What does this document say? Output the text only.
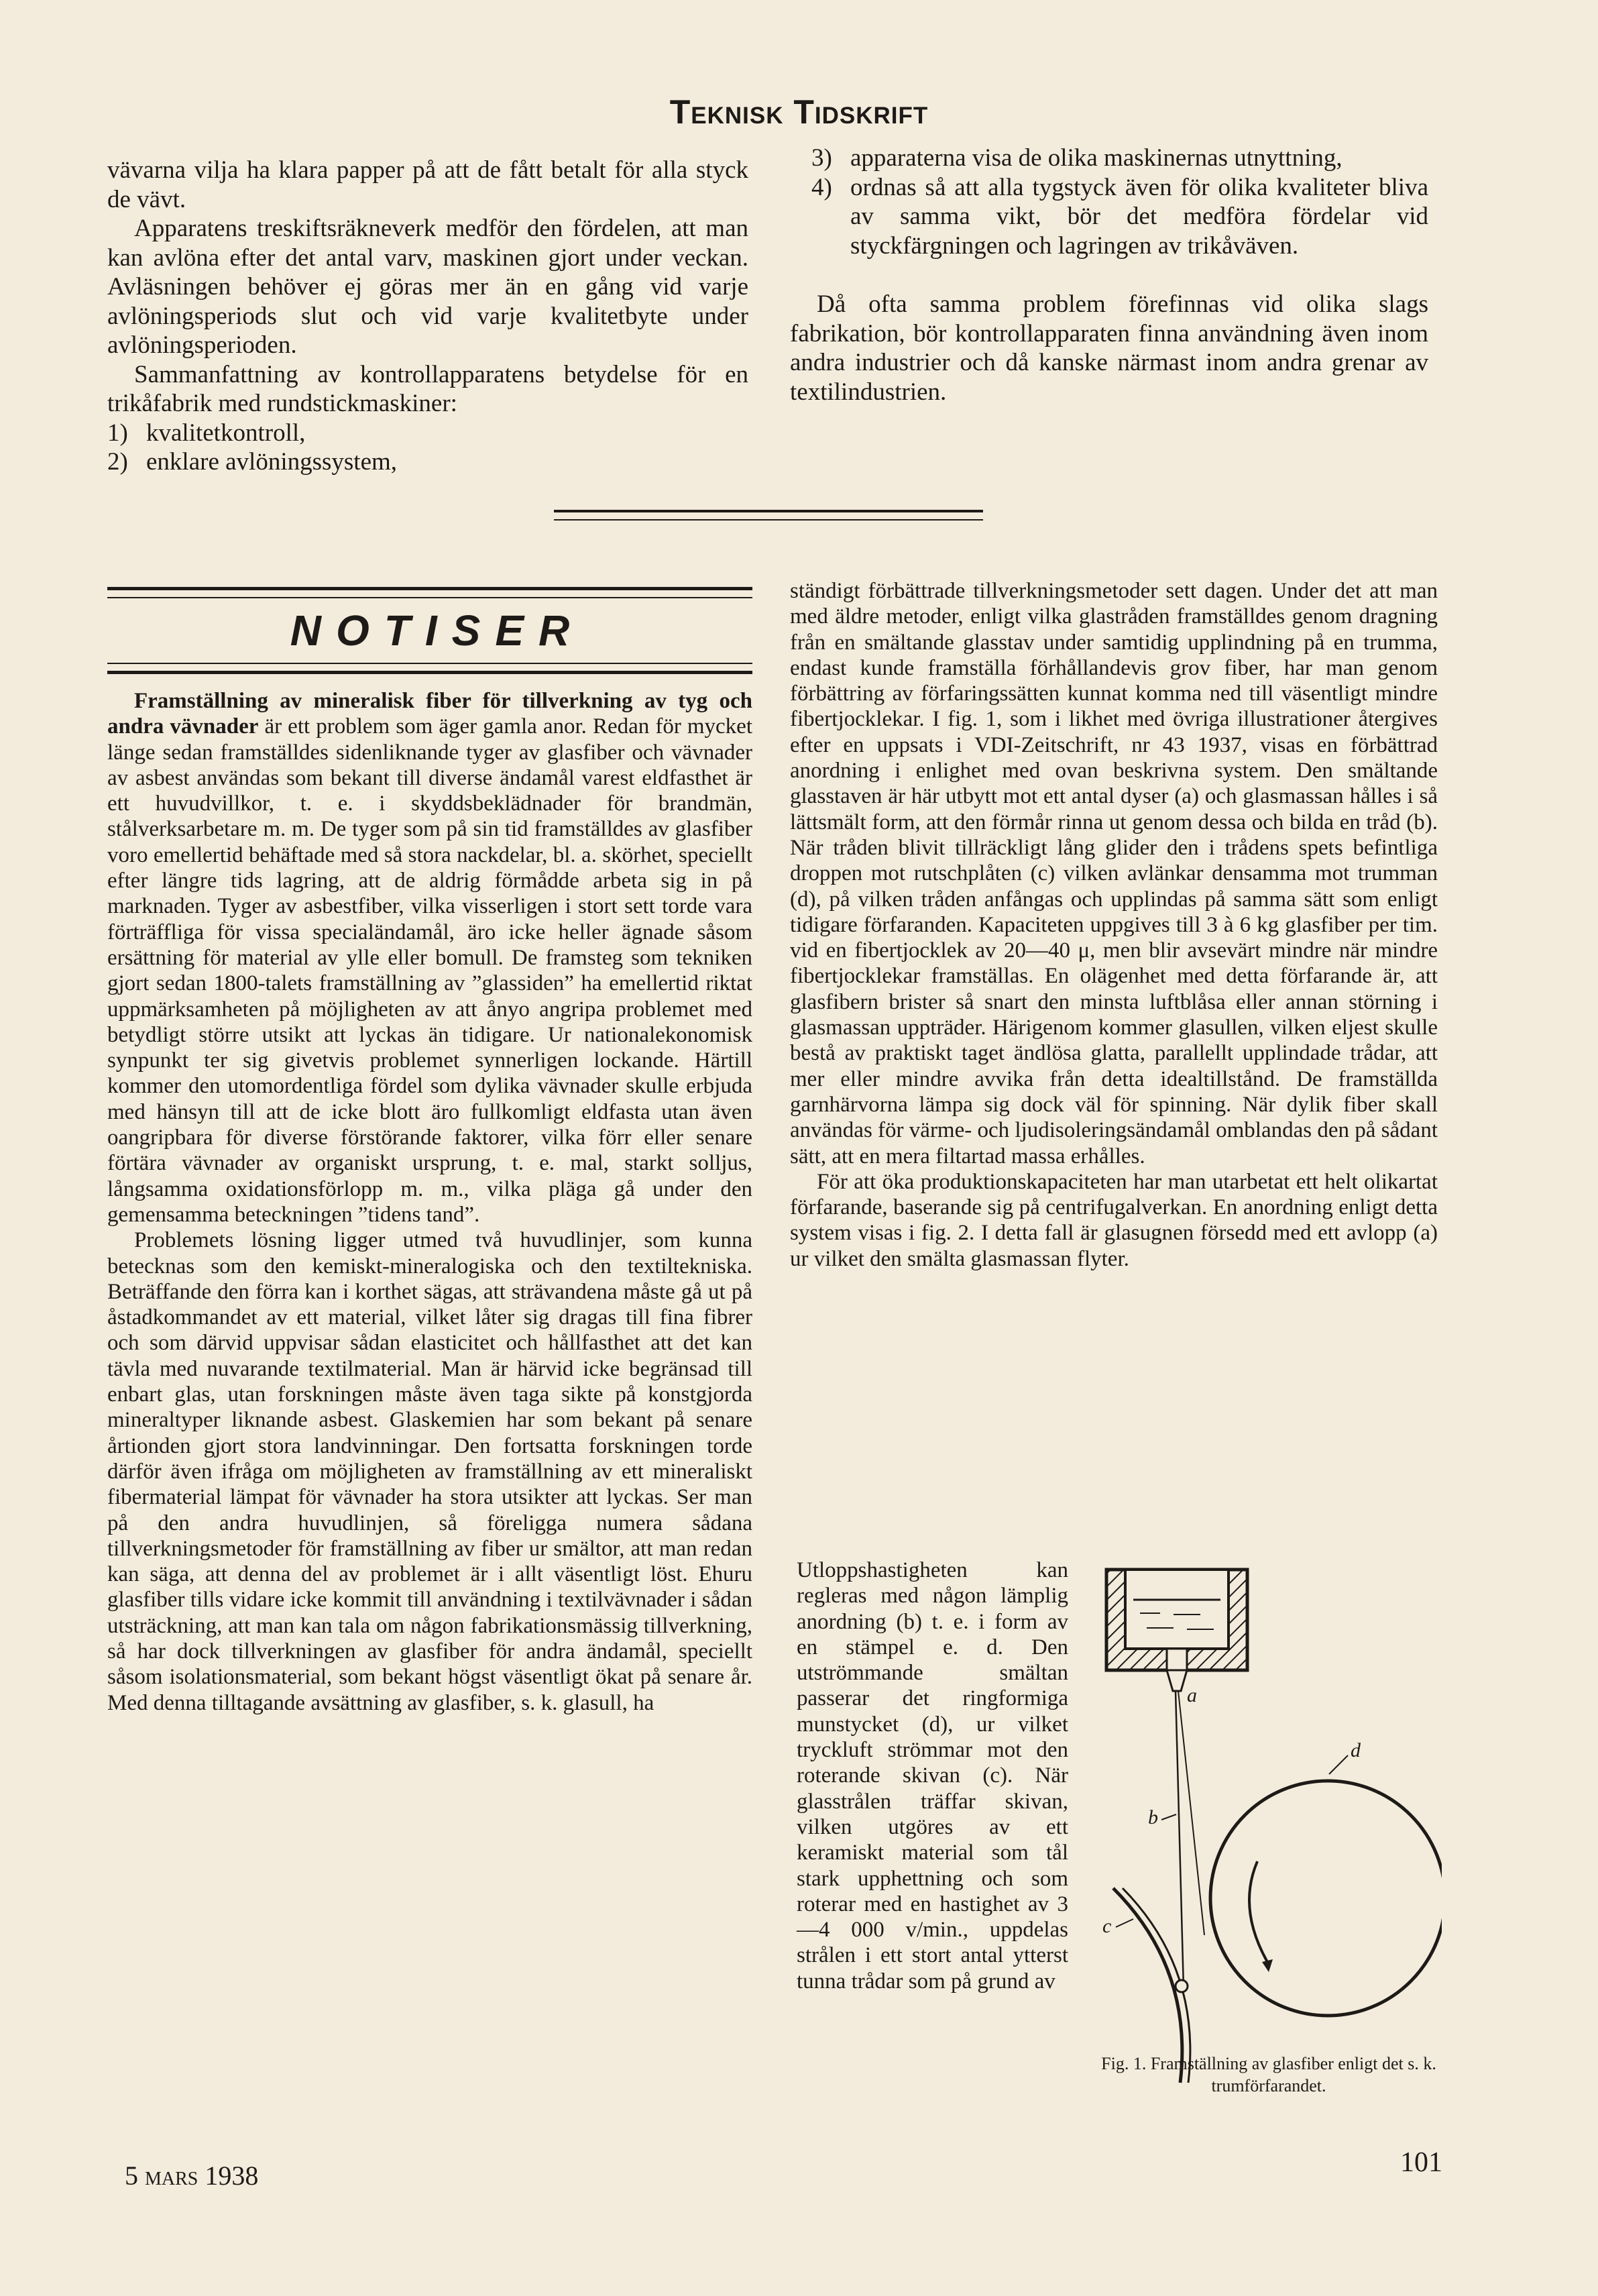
Teknisk Tidskrift

vävarna vilja ha klara papper på att de fått betalt för alla styck de vävt.

Apparatens treskiftsräkneverk medför den fördelen, att man kan avlöna efter det antal varv, maskinen gjort under veckan. Avläsningen behöver ej göras mer än en gång vid varje avlöningsperiods slut och vid varje kvalitetbyte under avlöningsperioden.

Sammanfattning av kontrollapparatens betydelse för en trikåfabrik med rundstickmaskiner:

1) kvalitetkontroll,
2) enklare avlöningssystem,
3) apparaterna visa de olika maskinernas utnyttning,
4) ordnas så att alla tygstyck även för olika kvaliteter bliva av samma vikt, bör det medföra fördelar vid styckfärgningen och lagringen av trikåväven.

Då ofta samma problem förefinnas vid olika slags fabrikation, bör kontrollapparaten finna användning även inom andra industrier och då kanske närmast inom andra grenar av textilindustrien.

NOTISER

Framställning av mineralisk fiber för tillverkning av tyg och andra vävnader är ett problem som äger gamla anor. Redan för mycket länge sedan framställdes sidenliknande tyger av glasfiber och vävnader av asbest användas som bekant till diverse ändamål varest eldfasthet är ett huvudvillkor, t. e. i skyddsbeklädnader för brandmän, stålverksarbetare m. m. De tyger som på sin tid framställdes av glasfiber voro emellertid behäftade med så stora nackdelar, bl. a. skörhet, speciellt efter längre tids lagring, att de aldrig förmådde arbeta sig in på marknaden. Tyger av asbestfiber, vilka visserligen i stort sett torde vara förträffliga för vissa specialändamål, äro icke heller ägnade såsom ersättning för material av ylle eller bomull. De framsteg som tekniken gjort sedan 1800-talets framställning av ”glassiden” ha emellertid riktat uppmärksamheten på möjligheten av att ånyo angripa problemet med betydligt större utsikt att lyckas än tidigare. Ur nationalekonomisk synpunkt ter sig givetvis problemet synnerligen lockande. Härtill kommer den utomordentliga fördel som dylika vävnader skulle erbjuda med hänsyn till att de icke blott äro fullkomligt eldfasta utan även oangripbara för diverse förstörande faktorer, vilka förr eller senare förtära vävnader av organiskt ursprung, t. e. mal, starkt solljus, långsamma oxidationsförlopp m. m., vilka pläga gå under den gemensamma beteckningen ”tidens tand”.

Problemets lösning ligger utmed två huvudlinjer, som kunna betecknas som den kemiskt-mineralogiska och den textiltekniska. Beträffande den förra kan i korthet sägas, att strävandena måste gå ut på åstadkommandet av ett material, vilket låter sig dragas till fina fibrer och som därvid uppvisar sådan elasticitet och hållfasthet att det kan tävla med nuvarande textilmaterial. Man är härvid icke begränsad till enbart glas, utan forskningen måste även taga sikte på konstgjorda mineraltyper liknande asbest. Glaskemien har som bekant på senare årtionden gjort stora landvinningar. Den fortsatta forskningen torde därför även ifråga om möjligheten av framställning av ett mineraliskt fibermaterial lämpat för vävnader ha stora utsikter att lyckas. Ser man på den andra huvudlinjen, så föreligga numera sådana tillverkningsmetoder för framställning av fiber ur smältor, att man redan kan säga, att denna del av problemet är i allt väsentligt löst. Ehuru glasfiber tills vidare icke kommit till användning i textilvävnader i sådan utsträckning, att man kan tala om någon fabrikationsmässig tillverkning, så har dock tillverkningen av glasfiber för andra ändamål, speciellt såsom isolationsmaterial, som bekant högst väsentligt ökat på senare år. Med denna tilltagande avsättning av glasfiber, s. k. glasull, ha

ständigt förbättrade tillverkningsmetoder sett dagen. Under det att man med äldre metoder, enligt vilka glastråden framställdes genom dragning från en smältande glasstav under samtidig upplindning på en trumma, endast kunde framställa förhållandevis grov fiber, har man genom förbättring av förfaringssätten kunnat komma ned till väsentligt mindre fibertjocklekar. I fig. 1, som i likhet med övriga illustrationer återgives efter en uppsats i VDI-Zeitschrift, nr 43 1937, visas en förbättrad anordning i enlighet med ovan beskrivna system. Den smältande glasstaven är här utbytt mot ett antal dyser (a) och glasmassan hålles i så lättsmält form, att den förmår rinna ut genom dessa och bilda en tråd (b). När tråden blivit tillräckligt lång glider den i trådens spets befintliga droppen mot rutschplåten (c) vilken avlänkar densamma mot trumman (d), på vilken tråden anfångas och upplindas på samma sätt som enligt tidigare förfaranden. Kapaciteten uppgives till 3 à 6 kg glasfiber per tim. vid en fibertjocklek av 20—40 μ, men blir avsevärt mindre när mindre fibertjocklekar framställas. En olägenhet med detta förfarande är, att glasfibern brister så snart den minsta luftblåsa eller annan störning i glasmassan uppträder. Härigenom kommer glasullen, vilken eljest skulle bestå av praktiskt taget ändlösa glatta, parallellt upplindade trådar, att mer eller mindre avvika från detta idealtillstånd. De framställda garnhärvorna lämpa sig dock väl för spinning. När dylik fiber skall användas för värme- och ljudisoleringsändamål omblandas den på sådant sätt, att en mera filtartad massa erhålles.

För att öka produktionskapaciteten har man utarbetat ett helt olikartat förfarande, baserande sig på centrifugalverkan. En anordning enligt detta system visas i fig. 2. I detta fall är glasugnen försedd med ett avlopp (a) ur vilket den smälta glasmassan flyter.

Utloppshastigheten kan regleras med någon lämplig anordning (b) t. e. i form av en stämpel e. d. Den utströmmande smältan passerar det ringformiga munstycket (d), ur vilket tryckluft strömmar mot den roterande skivan (c). När glasstrålen träffar skivan, vilken utgöres av ett keramiskt material som tål stark upphettning och som roterar med en hastighet av 3—4 000 v/min., uppdelas strålen i ett stort antal ytterst tunna trådar som på grund av
a
b
c
d
Fig. 1. Framställning av glasfiber enligt det s. k. trumförfarandet.
5 mars 1938	101
